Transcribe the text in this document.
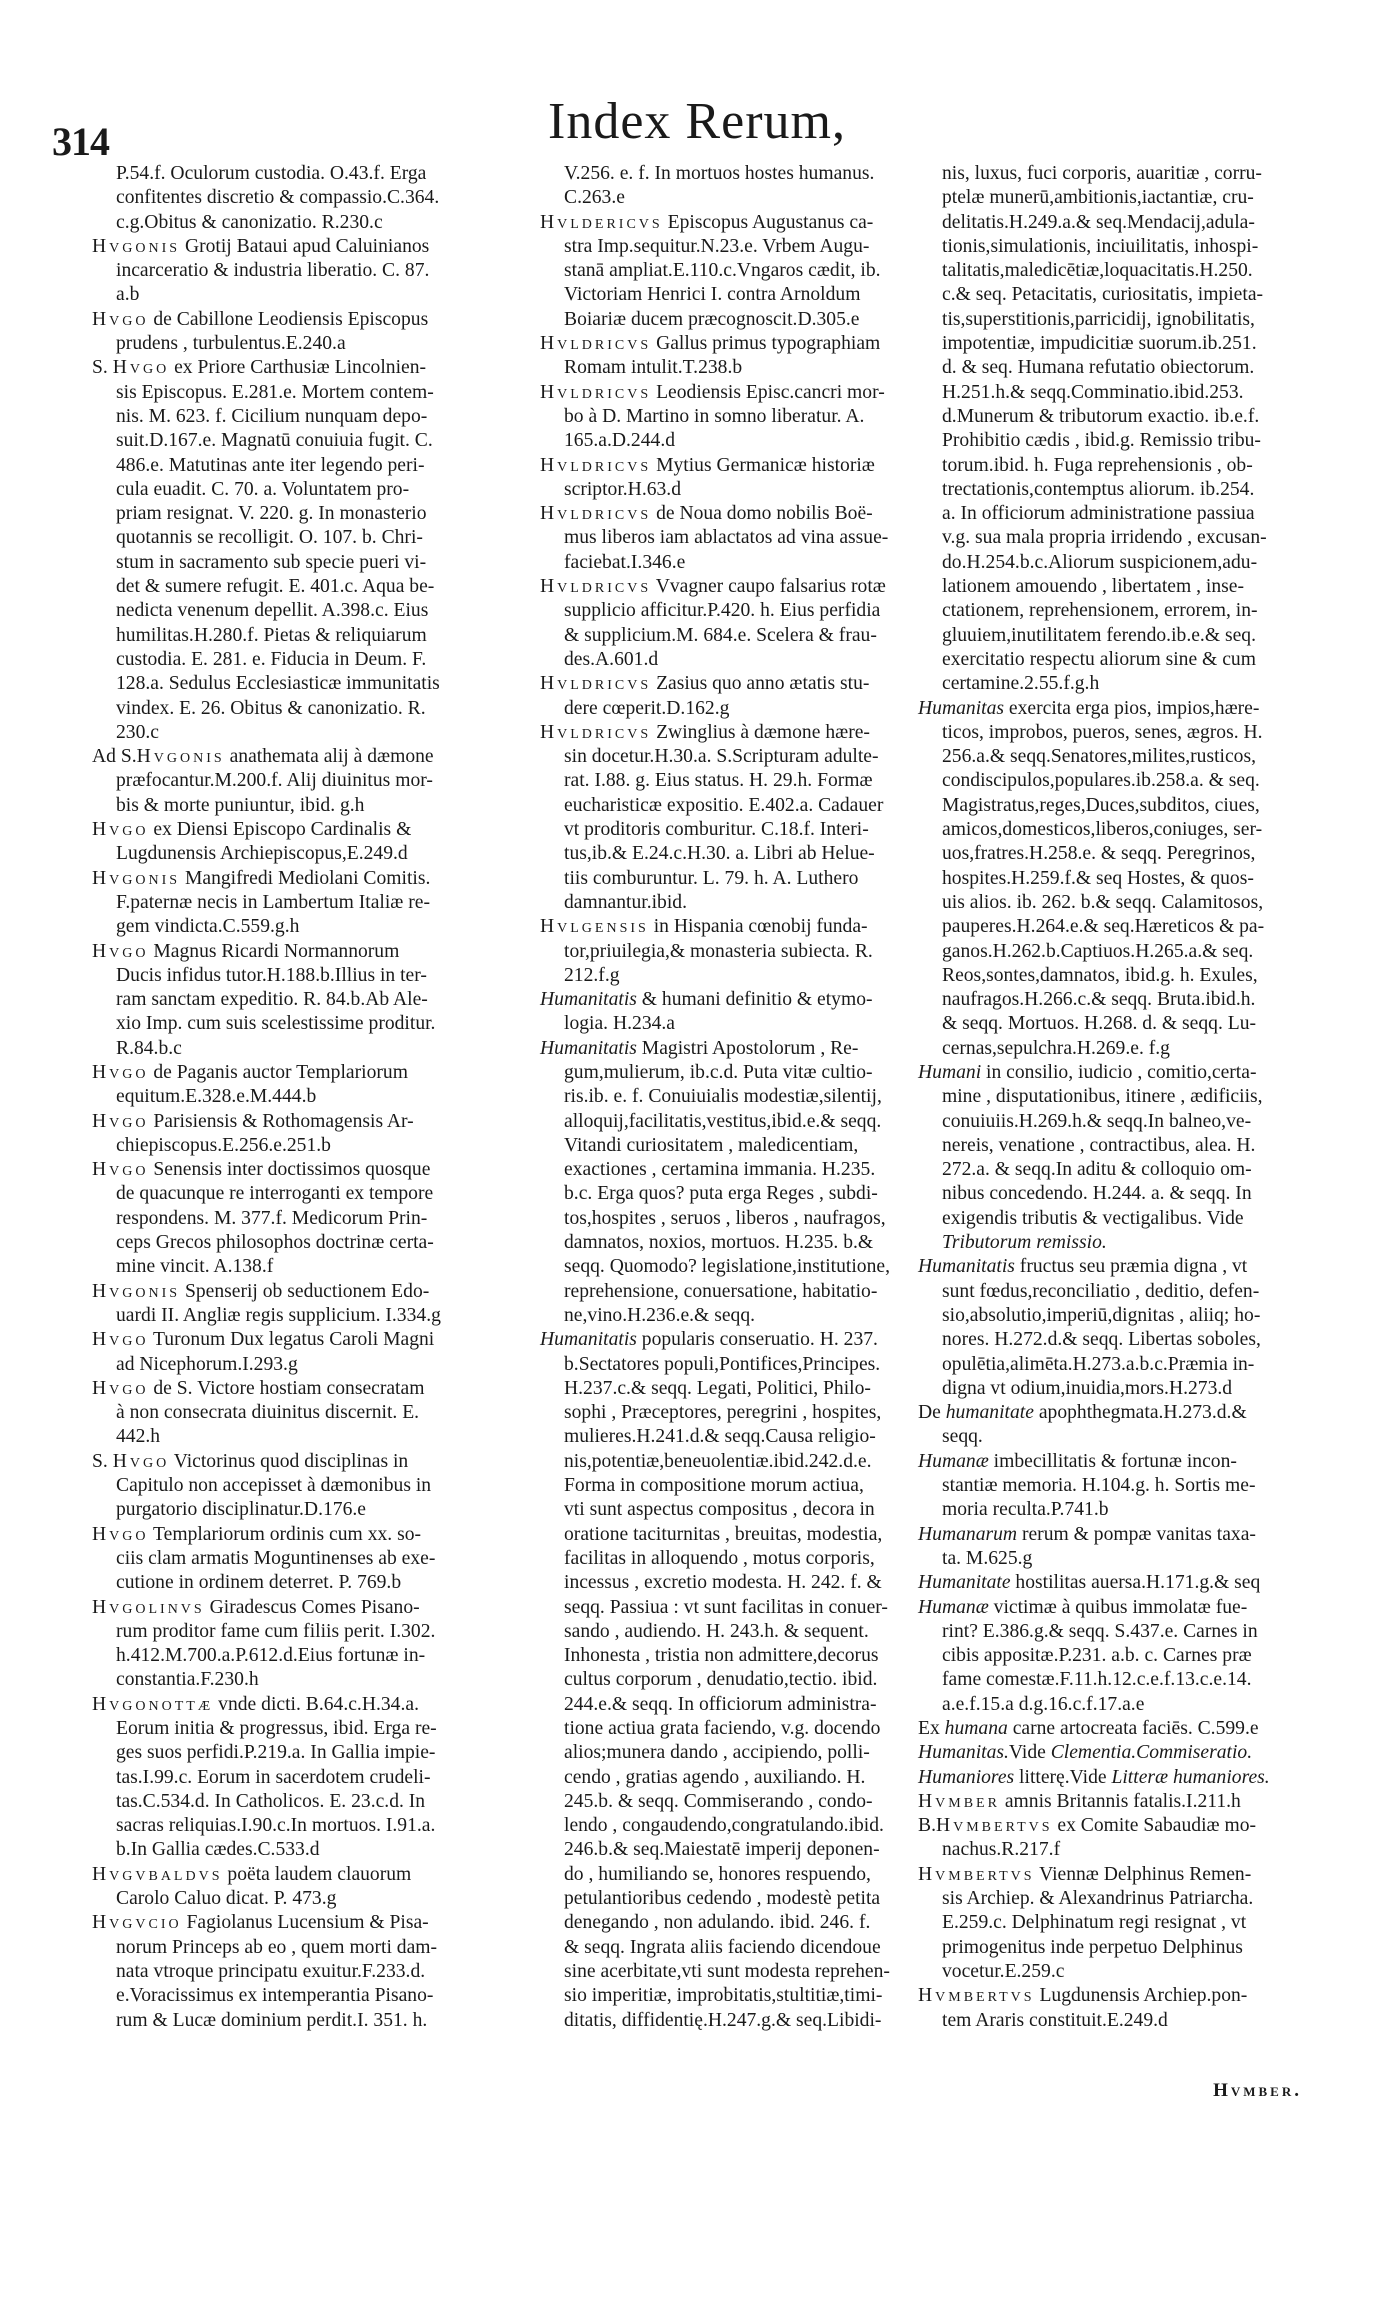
314	Index Rerum,
P.54.f. Oculorum custodia. O.43.f. Erga
confitentes discretio & compassio.C.364.
c.g.Obitus & canonizatio. R.230.c
Hvgonis Grotij Bataui apud Caluinianos
incarceratio & industria liberatio. C. 87.
a.b
Hvgo de Cabillone Leodiensis Episcopus
prudens , turbulentus.E.240.a
S. Hvgo ex Priore Carthusiæ Lincolnien-
sis Episcopus. E.281.e. Mortem contem-
nis. M. 623. f. Cicilium nunquam depo-
suit.D.167.e. Magnatū conuiuia fugit. C.
486.e. Matutinas ante iter legendo peri-
cula euadit. C. 70. a. Voluntatem pro-
priam resignat. V. 220. g. In monasterio
quotannis se recolligit. O. 107. b. Chri-
stum in sacramento sub specie pueri vi-
det & sumere refugit. E. 401.c. Aqua be-
nedicta venenum depellit. A.398.c. Eius
humilitas.H.280.f. Pietas & reliquiarum
custodia. E. 281. e. Fiducia in Deum. F.
128.a. Sedulus Ecclesiasticæ immunitatis
vindex. E. 26. Obitus & canonizatio. R.
230.c
Ad S.Hvgonis anathemata alij à dæmone
præfocantur.M.200.f. Alij diuinitus mor-
bis & morte puniuntur, ibid. g.h
Hvgo ex Diensi Episcopo Cardinalis &
Lugdunensis Archiepiscopus,E.249.d
Hvgonis Mangifredi Mediolani Comitis.
F.paternæ necis in Lambertum Italiæ re-
gem vindicta.C.559.g.h
Hvgo Magnus Ricardi Normannorum
Ducis infidus tutor.H.188.b.Illius in ter-
ram sanctam expeditio. R. 84.b.Ab Ale-
xio Imp. cum suis scelestissime proditur.
R.84.b.c
Hvgo de Paganis auctor Templariorum
equitum.E.328.e.M.444.b
Hvgo Parisiensis & Rothomagensis Ar-
chiepiscopus.E.256.e.251.b
Hvgo Senensis inter doctissimos quosque
de quacunque re interroganti ex tempore
respondens. M. 377.f. Medicorum Prin-
ceps Grecos philosophos doctrinæ certa-
mine vincit. A.138.f
Hvgonis Spenserij ob seductionem Edo-
uardi II. Angliæ regis supplicium. I.334.g
Hvgo Turonum Dux legatus Caroli Magni
ad Nicephorum.I.293.g
Hvgo de S. Victore hostiam consecratam
à non consecrata diuinitus discernit. E.
442.h
S. Hvgo Victorinus quod disciplinas in
Capitulo non accepisset à dæmonibus in
purgatorio disciplinatur.D.176.e
Hvgo Templariorum ordinis cum xx. so-
ciis clam armatis Moguntinenses ab exe-
cutione in ordinem deterret. P. 769.b
Hvgolinvs Giradescus Comes Pisano-
rum proditor fame cum filiis perit. I.302.
h.412.M.700.a.P.612.d.Eius fortunæ in-
constantia.F.230.h
Hvgonottæ vnde dicti. B.64.c.H.34.a.
Eorum initia & progressus, ibid. Erga re-
ges suos perfidi.P.219.a. In Gallia impie-
tas.I.99.c. Eorum in sacerdotem crudeli-
tas.C.534.d. In Catholicos. E. 23.c.d. In
sacras reliquias.I.90.c.In mortuos. I.91.a.
b.In Gallia cædes.C.533.d
Hvgvbaldvs poëta laudem clauorum
Carolo Caluo dicat. P. 473.g
Hvgvcio Fagiolanus Lucensium & Pisa-
norum Princeps ab eo , quem morti dam-
nata vtroque principatu exuitur.F.233.d.
e.Voracissimus ex intemperantia Pisano-
rum & Lucæ dominium perdit.I. 351. h.
V.256. e. f. In mortuos hostes humanus.
C.263.e
Hvldericvs Episcopus Augustanus ca-
stra Imp.sequitur.N.23.e. Vrbem Augu-
stanā ampliat.E.110.c.Vngaros cædit, ib.
Victoriam Henrici I. contra Arnoldum
Boiariæ ducem præcognoscit.D.305.e
Hvldricvs Gallus primus typographiam
Romam intulit.T.238.b
Hvldricvs Leodiensis Episc.cancri mor-
bo à D. Martino in somno liberatur. A.
165.a.D.244.d
Hvldricvs Mytius Germanicæ historiæ
scriptor.H.63.d
Hvldricvs de Noua domo nobilis Boë-
mus liberos iam ablactatos ad vina assue-
faciebat.I.346.e
Hvldricvs Vvagner caupo falsarius rotæ
supplicio afficitur.P.420. h. Eius perfidia
& supplicium.M. 684.e. Scelera & frau-
des.A.601.d
Hvldricvs Zasius quo anno ætatis stu-
dere cœperit.D.162.g
Hvldricvs Zwinglius à dæmone hære-
sin docetur.H.30.a. S.Scripturam adulte-
rat. I.88. g. Eius status. H. 29.h. Formæ
eucharisticæ expositio. E.402.a. Cadauer
vt proditoris comburitur. C.18.f. Interi-
tus,ib.& E.24.c.H.30. a. Libri ab Helue-
tiis comburuntur. L. 79. h. A. Luthero
damnantur.ibid.
Hvlgensis in Hispania cœnobij funda-
tor,priuilegia,& monasteria subiecta. R.
212.f.g
Humanitatis & humani definitio & etymo-
logia. H.234.a
Humanitatis Magistri Apostolorum , Re-
gum,mulierum, ib.c.d. Puta vitæ cultio-
ris.ib. e. f. Conuiuialis modestiæ,silentij,
alloquij,facilitatis,vestitus,ibid.e.& seqq.
Vitandi curiositatem , maledicentiam,
exactiones , certamina immania. H.235.
b.c. Erga quos? puta erga Reges , subdi-
tos,hospites , seruos , liberos , naufragos,
damnatos, noxios, mortuos. H.235. b.&
seqq. Quomodo? legislatione,institutione,
reprehensione, conuersatione, habitatio-
ne,vino.H.236.e.& seqq.
Humanitatis popularis conseruatio. H. 237.
b.Sectatores populi,Pontifices,Principes.
H.237.c.& seqq. Legati, Politici, Philo-
sophi , Præceptores, peregrini , hospites,
mulieres.H.241.d.& seqq.Causa religio-
nis,potentiæ,beneuolentiæ.ibid.242.d.e.
Forma in compositione morum actiua,
vti sunt aspectus compositus , decora in
oratione taciturnitas , breuitas, modestia,
facilitas in alloquendo , motus corporis,
incessus , excretio modesta. H. 242. f. &
seqq. Passiua : vt sunt facilitas in conuer-
sando , audiendo. H. 243.h. & sequent.
Inhonesta , tristia non admittere,decorus
cultus corporum , denudatio,tectio. ibid.
244.e.& seqq. In officiorum administra-
tione actiua grata faciendo, v.g. docendo
alios;munera dando , accipiendo, polli-
cendo , gratias agendo , auxiliando. H.
245.b. & seqq. Commiserando , condo-
lendo , congaudendo,congratulando.ibid.
246.b.& seq.Maiestatē imperij deponen-
do , humiliando se, honores respuendo,
petulantioribus cedendo , modestè petita
denegando , non adulando. ibid. 246. f.
& seqq. Ingrata aliis faciendo dicendoue
sine acerbitate,vti sunt modesta reprehen-
sio imperitiæ, improbitatis,stultitiæ,timi-
ditatis, diffidentię.H.247.g.& seq.Libidi-
nis, luxus, fuci corporis, auaritiæ , corru-
ptelæ munerū,ambitionis,iactantiæ, cru-
delitatis.H.249.a.& seq.Mendacij,adula-
tionis,simulationis, inciuilitatis, inhospi-
talitatis,maledicētiæ,loquacitatis.H.250.
c.& seq. Petacitatis, curiositatis, impieta-
tis,superstitionis,parricidij, ignobilitatis,
impotentiæ, impudicitiæ suorum.ib.251.
d. & seq. Humana refutatio obiectorum.
H.251.h.& seqq.Comminatio.ibid.253.
d.Munerum & tributorum exactio. ib.e.f.
Prohibitio cædis , ibid.g. Remissio tribu-
torum.ibid. h. Fuga reprehensionis , ob-
trectationis,contemptus aliorum. ib.254.
a. In officiorum administratione passiua
v.g. sua mala propria irridendo , excusan-
do.H.254.b.c.Aliorum suspicionem,adu-
lationem amouendo , libertatem , inse-
ctationem, reprehensionem, errorem, in-
gluuiem,inutilitatem ferendo.ib.e.& seq.
exercitatio respectu aliorum sine & cum
certamine.2.55.f.g.h
Humanitas exercita erga pios, impios,hære-
ticos, improbos, pueros, senes, ægros. H.
256.a.& seqq.Senatores,milites,rusticos,
condiscipulos,populares.ib.258.a. & seq.
Magistratus,reges,Duces,subditos, ciues,
amicos,domesticos,liberos,coniuges, ser-
uos,fratres.H.258.e. & seqq. Peregrinos,
hospites.H.259.f.& seq Hostes, & quos-
uis alios. ib. 262. b.& seqq. Calamitosos,
pauperes.H.264.e.& seq.Hæreticos & pa-
ganos.H.262.b.Captiuos.H.265.a.& seq.
Reos,sontes,damnatos, ibid.g. h. Exules,
naufragos.H.266.c.& seqq. Bruta.ibid.h.
& seqq. Mortuos. H.268. d. & seqq. Lu-
cernas,sepulchra.H.269.e. f.g
Humani in consilio, iudicio , comitio,certa-
mine , disputationibus, itinere , ædificiis,
conuiuiis.H.269.h.& seqq.In balneo,ve-
nereis, venatione , contractibus, alea. H.
272.a. & seqq.In aditu & colloquio om-
nibus concedendo. H.244. a. & seqq. In
exigendis tributis & vectigalibus. Vide
Tributorum remissio.
Humanitatis fructus seu præmia digna , vt
sunt fœdus,reconciliatio , deditio, defen-
sio,absolutio,imperiū,dignitas , aliiq; ho-
nores. H.272.d.& seqq. Libertas soboles,
opulētia,alimēta.H.273.a.b.c.Præmia in-
digna vt odium,inuidia,mors.H.273.d
De humanitate apophthegmata.H.273.d.&
seqq.
Humanæ imbecillitatis & fortunæ incon-
stantiæ memoria. H.104.g. h. Sortis me-
moria reculta.P.741.b
Humanarum rerum & pompæ vanitas taxa-
ta. M.625.g
Humanitate hostilitas auersa.H.171.g.& seq
Humanæ victimæ à quibus immolatæ fue-
rint? E.386.g.& seqq. S.437.e. Carnes in
cibis appositæ.P.231. a.b. c. Carnes præ
fame comestæ.F.11.h.12.c.e.f.13.c.e.14.
a.e.f.15.a d.g.16.c.f.17.a.e
Ex humana carne artocreata faciēs. C.599.e
Humanitas.Vide Clementia.Commiseratio.
Humaniores litterę.Vide Litteræ humaniores.
Hvmber amnis Britannis fatalis.I.211.h
B.Hvmbertvs ex Comite Sabaudiæ mo-
nachus.R.217.f
Hvmbertvs Viennæ Delphinus Remen-
sis Archiep. & Alexandrinus Patriarcha.
E.259.c. Delphinatum regi resignat , vt
primogenitus inde perpetuo Delphinus
vocetur.E.259.c
Hvmbertvs Lugdunensis Archiep.pon-
tem Araris constituit.E.249.d
Hvmber.
